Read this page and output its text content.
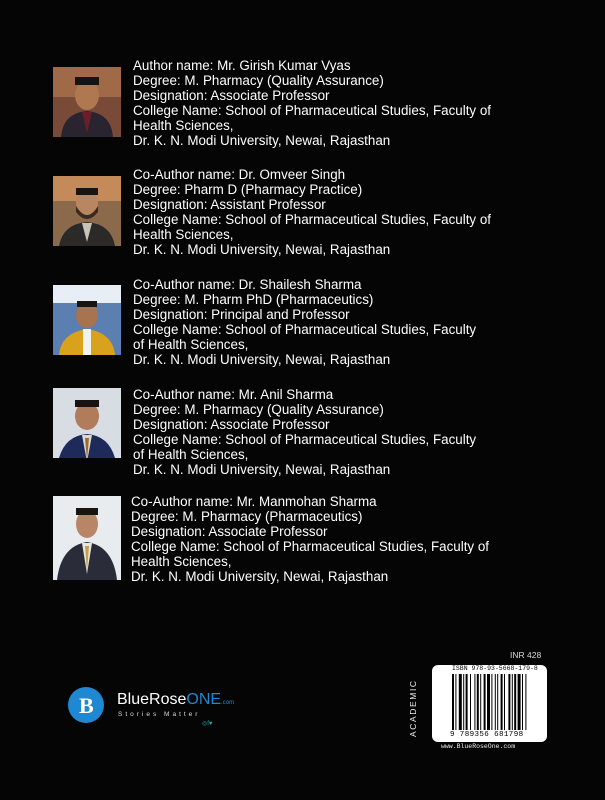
Author name: Mr. Girish Kumar Vyas
Degree: M. Pharmacy (Quality Assurance)
Designation: Associate Professor
College Name: School of Pharmaceutical Studies, Faculty of
Health Sciences,
Dr. K. N. Modi University, Newai, Rajasthan
Co-Author name: Dr. Omveer Singh
Degree: Pharm D (Pharmacy Practice)
Designation: Assistant Professor
College Name: School of Pharmaceutical Studies, Faculty of
Health Sciences,
Dr. K. N. Modi University, Newai, Rajasthan
Co-Author name: Dr. Shailesh Sharma
Degree: M. Pharm PhD (Pharmaceutics)
Designation: Principal and Professor
College Name: School of Pharmaceutical Studies, Faculty
of Health Sciences,
Dr. K. N. Modi University, Newai, Rajasthan
Co-Author name: Mr. Anil Sharma
Degree: M. Pharmacy (Quality Assurance)
Designation: Associate Professor
College Name: School of Pharmaceutical Studies, Faculty
of Health Sciences,
Dr. K. N. Modi University, Newai, Rajasthan
Co-Author name: Mr. Manmohan Sharma
Degree: M. Pharmacy (Pharmaceutics)
Designation: Associate Professor
College Name: School of Pharmaceutical Studies, Faculty of
Health Sciences,
Dr. K. N. Modi University, Newai, Rajasthan
B BlueRoseONE.com
Stories Matter
◎f♥
INR 428
ISBN 978-93-5668-179-8
9 789356 681798
ACADEMIC
www.BlueRoseOne.com
